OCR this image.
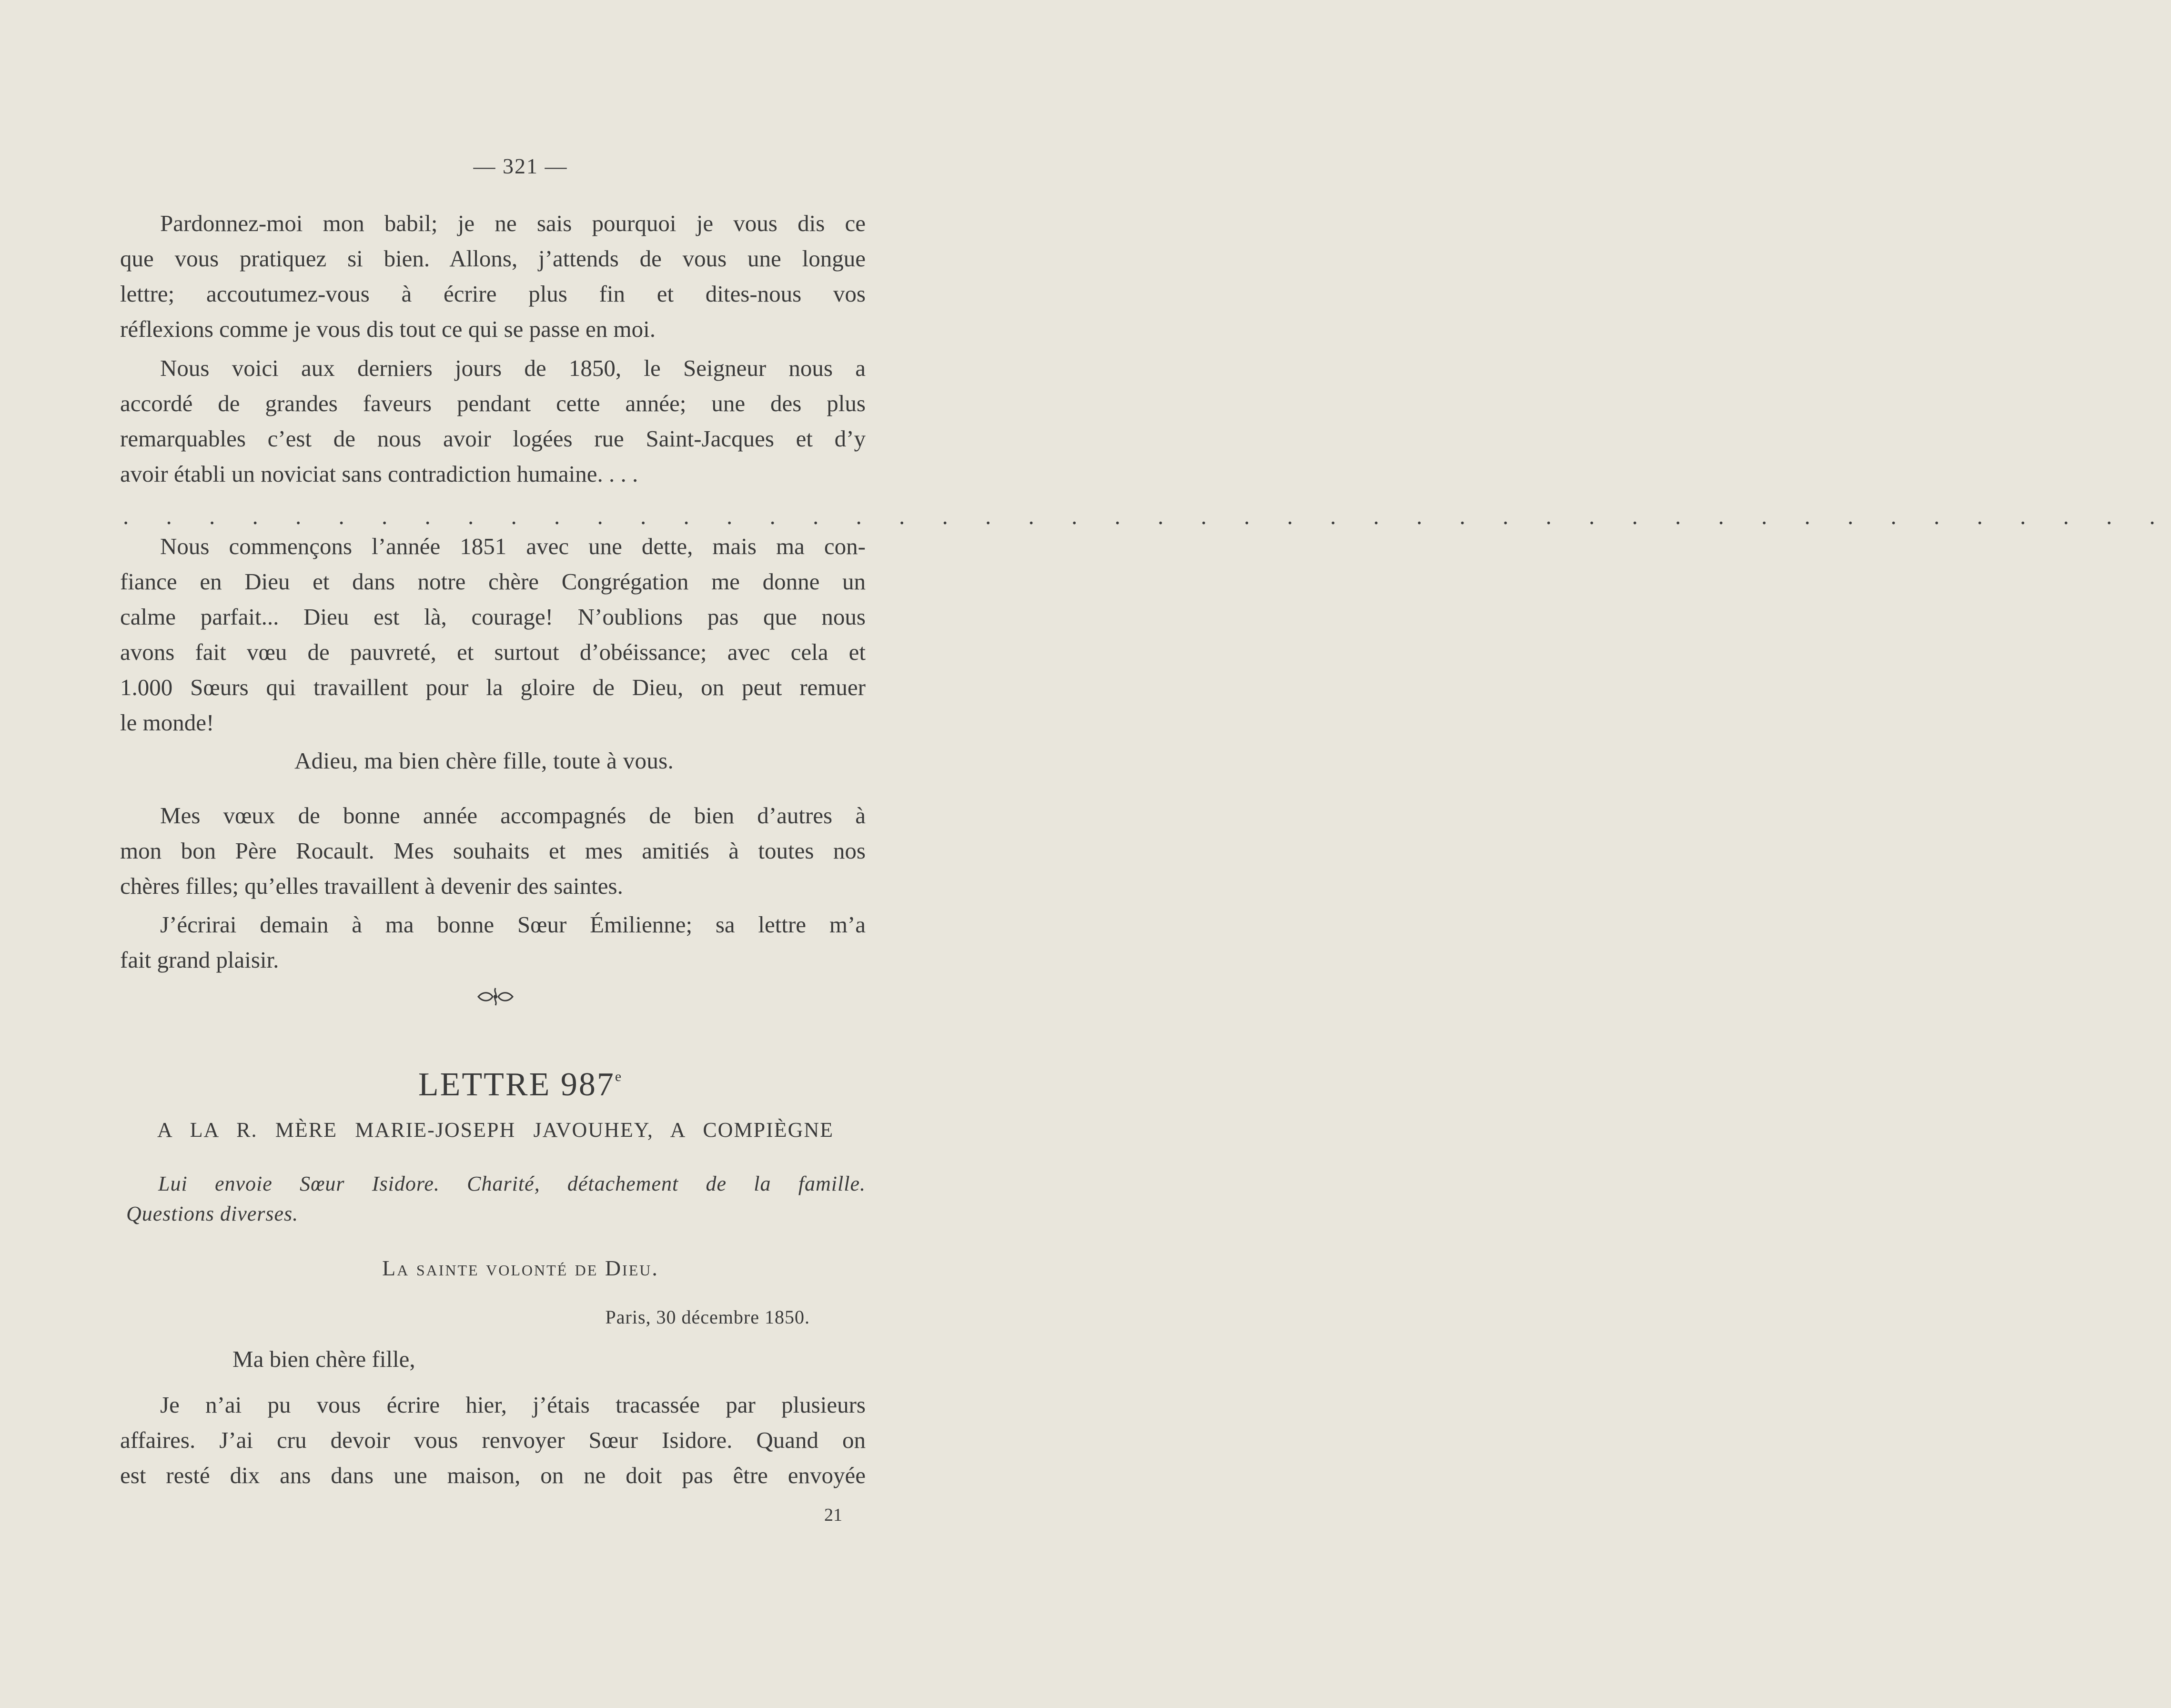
— 321 —
Pardonnez-moi mon babil; je ne sais pourquoi je vous dis ce
que vous pratiquez si bien. Allons, j’attends de vous une longue
lettre; accoutumez-vous à écrire plus fin et dites-nous vos
réflexions comme je vous dis tout ce qui se passe en moi.
Nous voici aux derniers jours de 1850, le Seigneur nous a
accordé de grandes faveurs pendant cette année; une des plus
remarquables c’est de nous avoir logées rue Saint-Jacques et d’y
avoir établi un noviciat sans contradiction humaine. . . .
. . . . . . . . . . . . . . . . . . . . . . . . . . . . . . . . . . . . . . . . . . . . . . . .
Nous commençons l’année 1851 avec une dette, mais ma con-
fiance en Dieu et dans notre chère Congrégation me donne un
calme parfait... Dieu est là, courage! N’oublions pas que nous
avons fait vœu de pauvreté, et surtout d’obéissance; avec cela et
1.000 Sœurs qui travaillent pour la gloire de Dieu, on peut remuer
le monde!
Adieu, ma bien chère fille, toute à vous.
Mes vœux de bonne année accompagnés de bien d’autres à
mon bon Père Rocault. Mes souhaits et mes amitiés à toutes nos
chères filles; qu’elles travaillent à devenir des saintes.
J’écrirai demain à ma bonne Sœur Émilienne; sa lettre m’a
fait grand plaisir.
LETTRE 987e
A LA R. MÈRE MARIE-JOSEPH JAVOUHEY, A COMPIÈGNE
Lui envoie Sœur Isidore. Charité, détachement de la famille.
Questions diverses.
La sainte volonté de Dieu.
Paris, 30 décembre 1850.
Ma bien chère fille,
Je n’ai pu vous écrire hier, j’étais tracassée par plusieurs
affaires. J’ai cru devoir vous renvoyer Sœur Isidore. Quand on
est resté dix ans dans une maison, on ne doit pas être envoyée
21
